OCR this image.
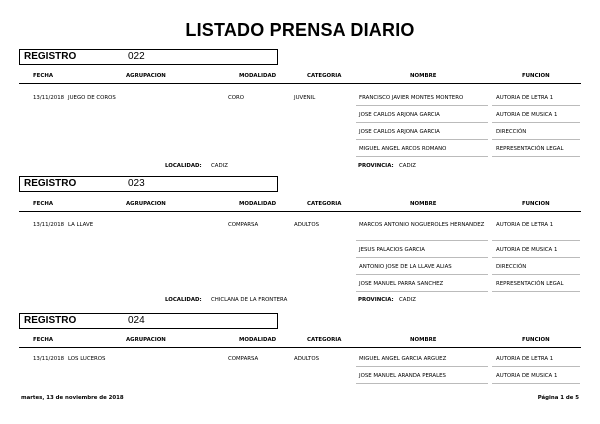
LISTADO PRENSA DIARIO
REGISTRO	022
FECHA	AGRUPACION	MODALIDAD	CATEGORIA	NOMBRE	FUNCION
13/11/2018 JUEGO DE COROS	CORO	JUVENIL	FRANCISCO JAVIER MONTES MONTERO	AUTORIA DE LETRA 1
JOSE CARLOS ARJONA GARCIA	AUTORIA DE MUSICA 1
JOSE CARLOS ARJONA GARCIA	DIRECCIÓN
MIGUEL ANGEL ARCOS ROMANO	REPRESENTACIÓN LEGAL
LOCALIDAD: CADIZ	PROVINCIA: CADIZ
REGISTRO	023
FECHA	AGRUPACION	MODALIDAD	CATEGORIA	NOMBRE	FUNCION
13/11/2018 LA LLAVE	COMPARSA	ADULTOS	MARCOS ANTONIO NOGUEROLES HERNANDEZ	AUTORIA DE LETRA 1
JESUS PALACIOS GARCIA	AUTORIA DE MUSICA 1
ANTONIO JOSE DE LA LLAVE ALIAS	DIRECCIÓN
JOSE MANUEL PARRA SANCHEZ	REPRESENTACIÓN LEGAL
LOCALIDAD: CHICLANA DE LA FRONTERA	PROVINCIA: CADIZ
REGISTRO	024
FECHA	AGRUPACION	MODALIDAD	CATEGORIA	NOMBRE	FUNCION
13/11/2018 LOS LUCEROS	COMPARSA	ADULTOS	MIGUEL ANGEL GARCIA ARGUEZ	AUTORIA DE LETRA 1
JOSE MANUEL ARANDA PERALES	AUTORIA DE MUSICA 1
martes, 13 de noviembre de 2018	Página 1 de 5
